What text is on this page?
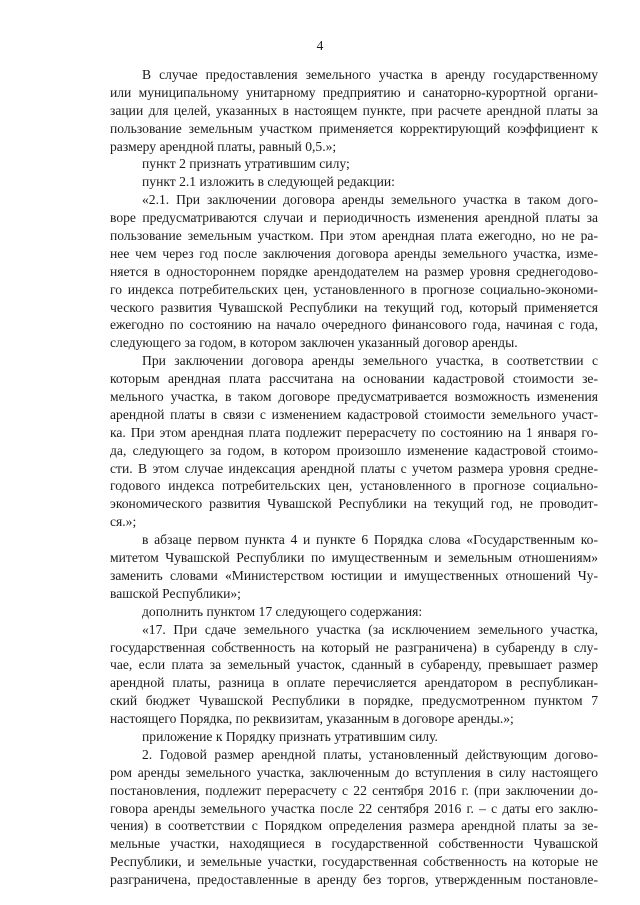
4
В случае предоставления земельного участка в аренду государственному
или муниципальному унитарному предприятию и санаторно-курортной органи-
зации для целей, указанных в настоящем пункте, при расчете арендной платы за
пользование земельным участком применяется корректирующий коэффициент к
размеру арендной платы, равный 0,5.»;
пункт 2 признать утратившим силу;
пункт 2.1 изложить в следующей редакции:
«2.1. При заключении договора аренды земельного участка в таком дого-
воре предусматриваются случаи и периодичность изменения арендной платы за
пользование земельным участком. При этом арендная плата ежегодно, но не ра-
нее чем через год после заключения договора аренды земельного участка, изме-
няется в одностороннем порядке арендодателем на размер уровня среднегодово-
го индекса потребительских цен, установленного в прогнозе социально-экономи-
ческого развития Чувашской Республики на текущий год, который применяется
ежегодно по состоянию на начало очередного финансового года, начиная с года,
следующего за годом, в котором заключен указанный договор аренды.
При заключении договора аренды земельного участка, в соответствии с
которым арендная плата рассчитана на основании кадастровой стоимости зе-
мельного участка, в таком договоре предусматривается возможность изменения
арендной платы в связи с изменением кадастровой стоимости земельного участ-
ка. При этом арендная плата подлежит перерасчету по состоянию на 1 января го-
да, следующего за годом, в котором произошло изменение кадастровой стоимо-
сти. В этом случае индексация арендной платы с учетом размера уровня средне-
годового индекса потребительских цен, установленного в прогнозе социально-
экономического развития Чувашской Республики на текущий год, не проводит-
ся.»;
в абзаце первом пункта 4 и пункте 6 Порядка слова «Государственным ко-
митетом Чувашской Республики по имущественным и земельным отношениям»
заменить словами «Министерством юстиции и имущественных отношений Чу-
вашской Республики»;
дополнить пунктом 17 следующего содержания:
«17. При сдаче земельного участка (за исключением земельного участка,
государственная собственность на который не разграничена) в субаренду в слу-
чае, если плата за земельный участок, сданный в субаренду, превышает размер
арендной платы, разница в оплате перечисляется арендатором в республикан-
ский бюджет Чувашской Республики в порядке, предусмотренном пунктом 7
настоящего Порядка, по реквизитам, указанным в договоре аренды.»;
приложение к Порядку признать утратившим силу.
2. Годовой размер арендной платы, установленный действующим догово-
ром аренды земельного участка, заключенным до вступления в силу настоящего
постановления, подлежит перерасчету с 22 сентября 2016 г. (при заключении до-
говора аренды земельного участка после 22 сентября 2016 г. – с даты его заклю-
чения) в соответствии с Порядком определения размера арендной платы за зе-
мельные участки, находящиеся в государственной собственности Чувашской
Республики, и земельные участки, государственная собственность на которые не
разграничена, предоставленные в аренду без торгов, утвержденным постановле-
